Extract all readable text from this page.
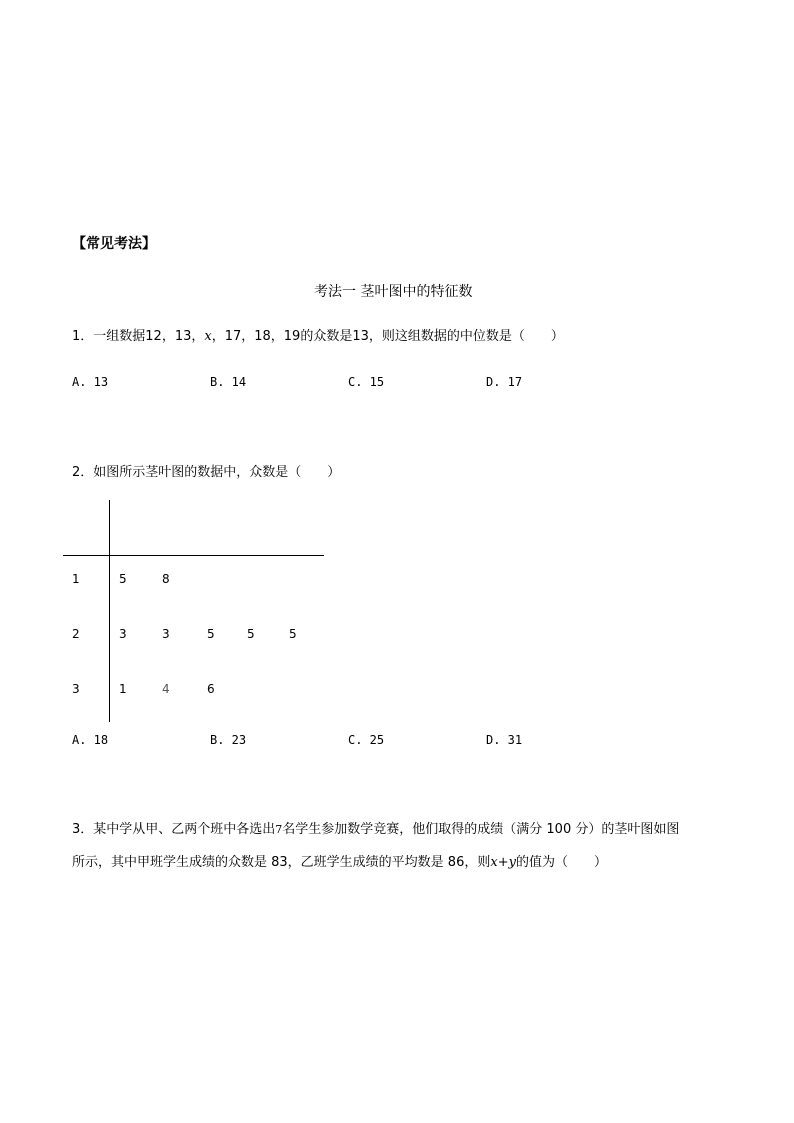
【常见考法】
考法一 茎叶图中的特征数
1．一组数据12，13，x，17，18，19的众数是13，则这组数据的中位数是（　　）
A. 13	B. 14	C. 15	D. 17
2．如图所示茎叶图的数据中，众数是（　　）
1	5	8
2	3	3	5	5	5
3	1	4	6
A. 18	B. 23	C. 25	D. 31
3．某中学从甲、乙两个班中各选出7名学生参加数学竞赛，他们取得的成绩（满分 100 分）的茎叶图如图
所示，其中甲班学生成绩的众数是 83，乙班学生成绩的平均数是 86，则x+y的值为（　　）
